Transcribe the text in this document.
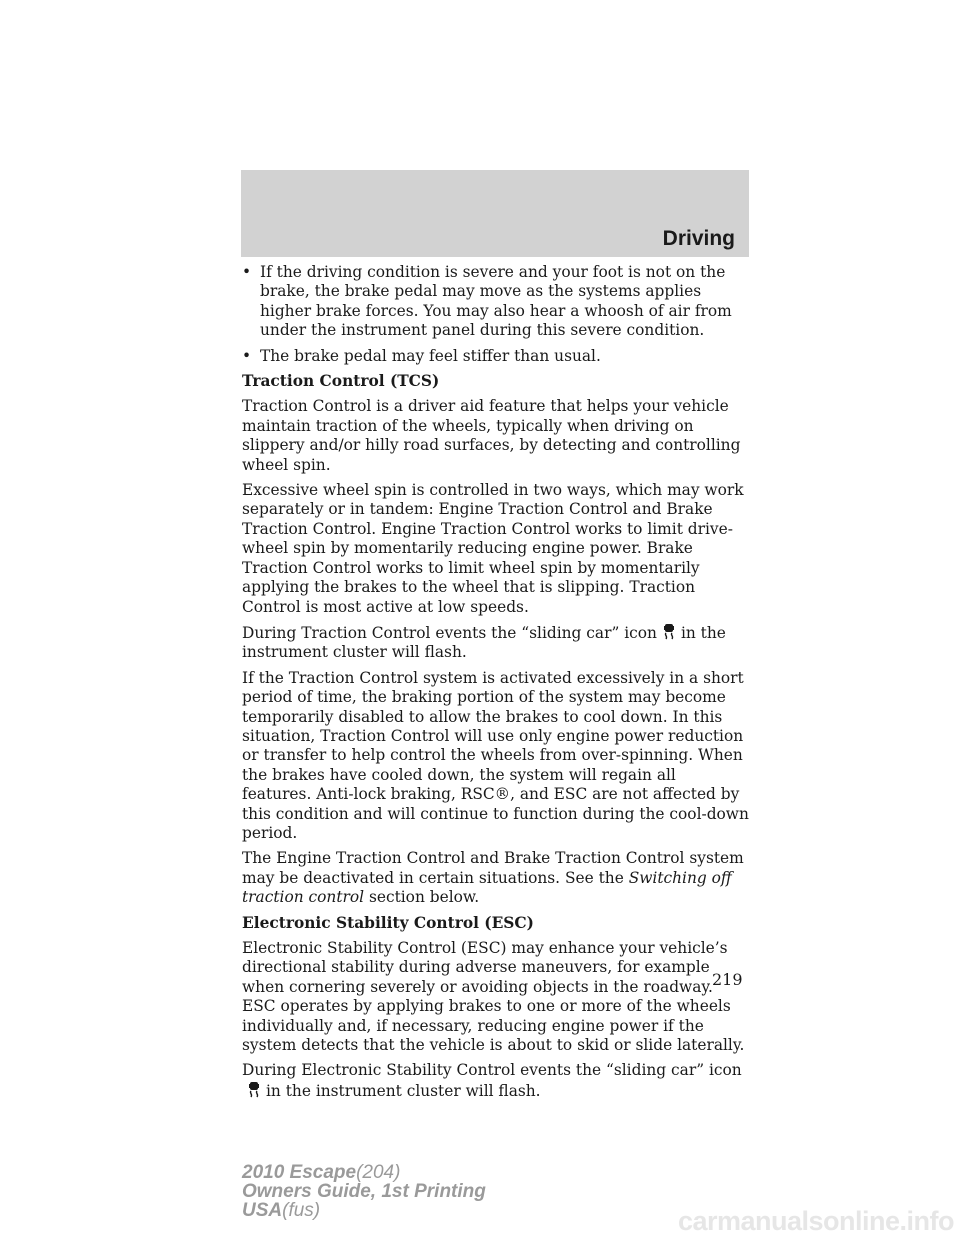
Driving
• If the driving condition is severe and your foot is not on the brake, the brake pedal may move as the systems applies higher brake forces. You may also hear a whoosh of air from under the instrument panel during this severe condition.
• The brake pedal may feel stiffer than usual.
Traction Control (TCS)

Traction Control is a driver aid feature that helps your vehicle maintain traction of the wheels, typically when driving on slippery and/or hilly road surfaces, by detecting and controlling wheel spin.

Excessive wheel spin is controlled in two ways, which may work separately or in tandem: Engine Traction Control and Brake Traction Control. Engine Traction Control works to limit drive-wheel spin by momentarily reducing engine power. Brake Traction Control works to limit wheel spin by momentarily applying the brakes to the wheel that is slipping. Traction Control is most active at low speeds.

During Traction Control events the “sliding car” icon in the instrument cluster will flash.

If the Traction Control system is activated excessively in a short period of time, the braking portion of the system may become temporarily disabled to allow the brakes to cool down. In this situation, Traction Control will use only engine power reduction or transfer to help control the wheels from over-spinning. When the brakes have cooled down, the system will regain all features. Anti-lock braking, RSC®, and ESC are not affected by this condition and will continue to function during the cool-down period.

The Engine Traction Control and Brake Traction Control system may be deactivated in certain situations. See the Switching off traction control section below.

Electronic Stability Control (ESC)

Electronic Stability Control (ESC) may enhance your vehicle’s directional stability during adverse maneuvers, for example when cornering severely or avoiding objects in the roadway. ESC operates by applying brakes to one or more of the wheels individually and, if necessary, reducing engine power if the system detects that the vehicle is about to skid or slide laterally.

During Electronic Stability Control events the “sliding car” iconin the instrument cluster will flash.

219
2010 Escape(204)
Owners Guide, 1st Printing
USA(fus)	carmanualsonline.info
